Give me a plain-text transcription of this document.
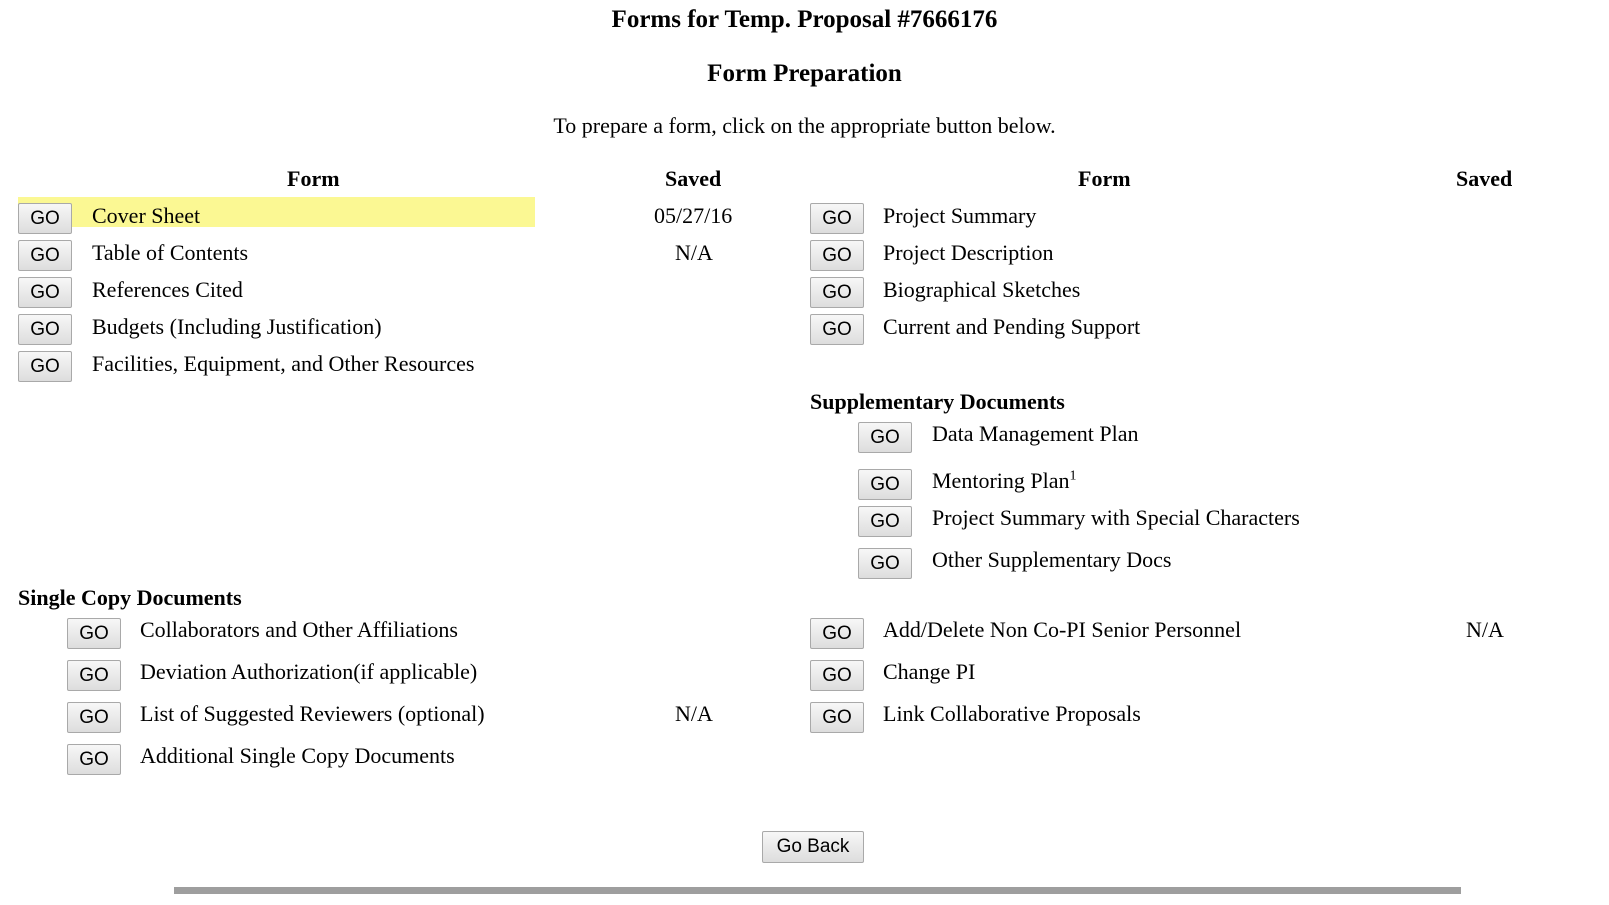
Forms for Temp. Proposal #7666176
Form Preparation
To prepare a form, click on the appropriate button below.
Form	Saved	Form	Saved
GO	Cover Sheet	05/27/16
GO	Table of Contents	N/A
GO	References Cited
GO	Budgets (Including Justification)
GO	Facilities, Equipment, and Other Resources
GO	Project Summary
GO	Project Description
GO	Biographical Sketches
GO	Current and Pending Support
Supplementary Documents
GO	Data Management Plan
GO	Mentoring Plan$^1$
GO	Project Summary with Special Characters
GO	Other Supplementary Docs
Single Copy Documents
GO	Collaborators and Other Affiliations
GO	Deviation Authorization(if applicable)
GO	List of Suggested Reviewers (optional)	N/A
GO	Additional Single Copy Documents
GO	Add/Delete Non Co-PI Senior Personnel	N/A
GO	Change PI
GO	Link Collaborative Proposals
Go Back
